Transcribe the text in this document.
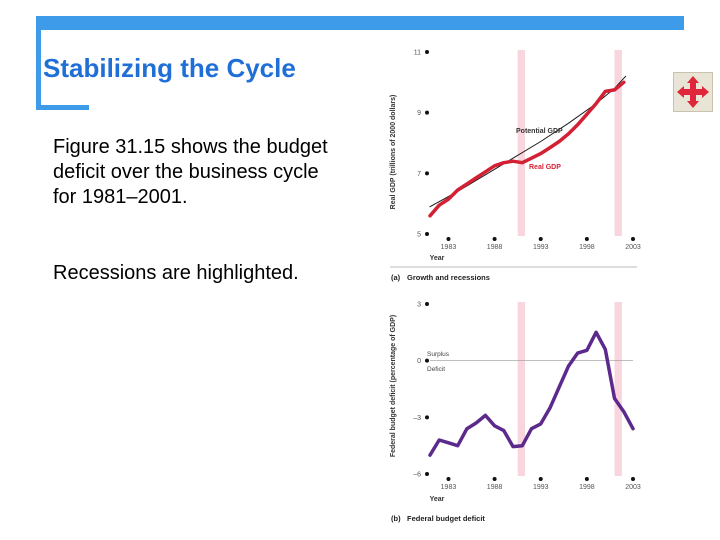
Stabilizing the Cycle
Figure 31.15 shows the budget deficit over the business cycle for 1981–2001.
Recessions are highlighted.
5
7
9
11
1983	1988	1993	1998	2003
Real GDP (trillions of 2000 dollars)
Year
Potential GDP
Real GDP
(a) Growth and recessions
3
0
–3
–6
1983	1988	1993	1998	2003
Surplus
Deficit
Federal budget deficit (percentage of GDP)
Year
(b) Federal budget deficit
